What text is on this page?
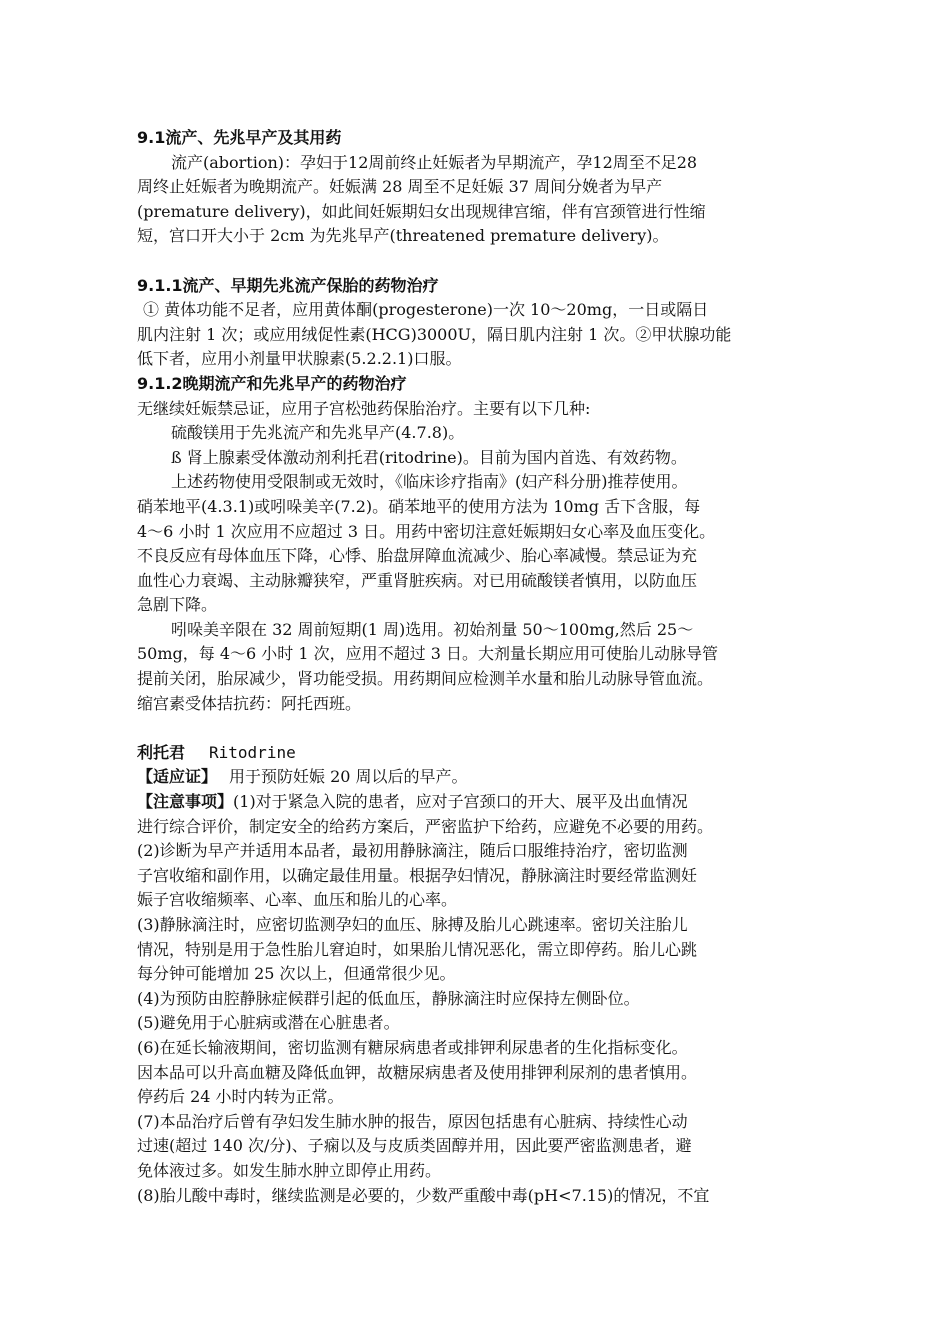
9.1流产、先兆早产及其用药
流产(abortion)：孕妇于12周前终止妊娠者为早期流产，孕12周至不足28
周终止妊娠者为晚期流产。妊娠满 28 周至不足妊娠 37 周间分娩者为早产
(premature delivery)，如此间妊娠期妇女出现规律宫缩，伴有宫颈管进行性缩
短，宫口开大小于 2cm 为先兆早产(threatened premature delivery)。
9.1.1流产、早期先兆流产保胎的药物治疗
① 黄体功能不足者，应用黄体酮(progesterone)一次 10～20mg，一日或隔日
肌内注射 1 次；或应用绒促性素(HCG)3000U，隔日肌内注射 1 次。②甲状腺功能
低下者，应用小剂量甲状腺素(5.2.2.1)口服。
9.1.2晚期流产和先兆早产的药物治疗
无继续妊娠禁忌证，应用子宫松弛药保胎治疗。主要有以下几种:
硫酸镁用于先兆流产和先兆早产(4.7.8)。
ß 肾上腺素受体激动剂利托君(ritodrine)。目前为国内首选、有效药物。
上述药物使用受限制或无效时，《临床诊疗指南》(妇产科分册)推荐使用。
硝苯地平(4.3.1)或吲哚美辛(7.2)。硝苯地平的使用方法为 10mg 舌下含服，每
4～6 小时 1 次应用不应超过 3 日。用药中密切注意妊娠期妇女心率及血压变化。
不良反应有母体血压下降，心悸、胎盘屏障血流减少、胎心率减慢。禁忌证为充
血性心力衰竭、主动脉瓣狭窄，严重肾脏疾病。对已用硫酸镁者慎用，以防血压
急剧下降。
吲哚美辛限在 32 周前短期(1 周)选用。初始剂量 50～100mg,然后 25～
50mg，每 4～6 小时 1 次，应用不超过 3 日。大剂量长期应用可使胎儿动脉导管
提前关闭，胎尿减少，肾功能受损。用药期间应检测羊水量和胎儿动脉导管血流。
缩宫素受体拮抗药：阿托西班。
利托君 Ritodrine
【适应证】 用于预防妊娠 20 周以后的早产。
【注意事项】(1)对于紧急入院的患者，应对子宫颈口的开大、展平及出血情况
进行综合评价，制定安全的给药方案后，严密监护下给药，应避免不必要的用药。
(2)诊断为早产并适用本品者，最初用静脉滴注，随后口服维持治疗，密切监测
子宫收缩和副作用，以确定最佳用量。根据孕妇情况，静脉滴注时要经常监测妊
娠子宫收缩频率、心率、血压和胎儿的心率。
(3)静脉滴注时，应密切监测孕妇的血压、脉搏及胎儿心跳速率。密切关注胎儿
情况，特别是用于急性胎儿窘迫时，如果胎儿情况恶化，需立即停药。胎儿心跳
每分钟可能增加 25 次以上，但通常很少见。
(4)为预防由腔静脉症候群引起的低血压，静脉滴注时应保持左侧卧位。
(5)避免用于心脏病或潜在心脏患者。
(6)在延长输液期间，密切监测有糖尿病患者或排钾利尿患者的生化指标变化。
因本品可以升高血糖及降低血钾，故糖尿病患者及使用排钾利尿剂的患者慎用。
停药后 24 小时内转为正常。
(7)本品治疗后曾有孕妇发生肺水肿的报告，原因包括患有心脏病、持续性心动
过速(超过 140 次/分)、子痫以及与皮质类固醇并用，因此要严密监测患者，避
免体液过多。如发生肺水肿立即停止用药。
(8)胎儿酸中毒时，继续监测是必要的，少数严重酸中毒(pH<7.15)的情况，不宜
